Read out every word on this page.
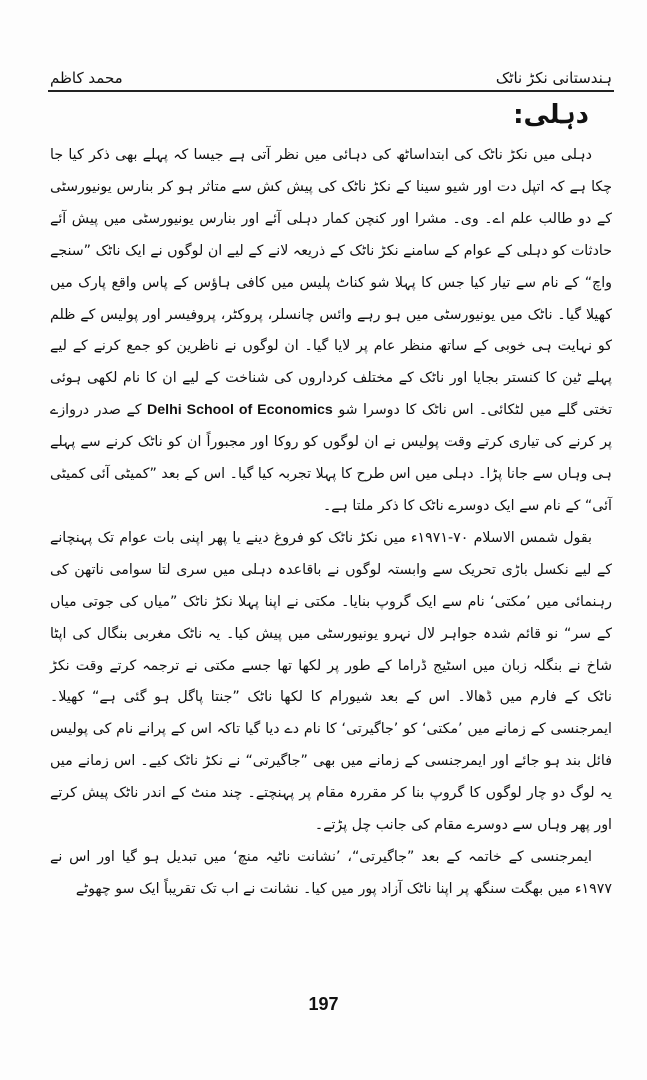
ہندستانی نکڑ ناٹک
محمد کاظم
دہلی:

دہلی میں نکڑ ناٹک کی ابتداساٹھ کی دہائی میں نظر آتی ہے جیسا کہ پہلے بھی ذکر کیا جا چکا ہے کہ اتپل دت اور شیو سینا کے نکڑ ناٹک کی پیش کش سے متاثر ہو کر بنارس یونیورسٹی کے دو طالب علم اے۔ وی۔ مشرا اور کنچن کمار دہلی آئے اور بنارس یونیورسٹی میں پیش آئے حادثات کو دہلی کے عوام کے سامنے نکڑ ناٹک کے ذریعہ لانے کے لیے ان لوگوں نے ایک ناٹک ”سنجے واچ“ کے نام سے تیار کیا جس کا پہلا شو کناٹ پلیس میں کافی ہاؤس کے پاس واقع پارک میں کھیلا گیا۔ ناٹک میں یونیورسٹی میں ہو رہے وائس چانسلر، پروکٹر، پروفیسر اور پولیس کے ظلم کو نہایت ہی خوبی کے ساتھ منظر عام پر لایا گیا۔ ان لوگوں نے ناظرین کو جمع کرنے کے لیے پہلے ٹین کا کنستر بجایا اور ناٹک کے مختلف کرداروں کی شناخت کے لیے ان کا نام لکھی ہوئی تختی گلے میں لٹکائی۔ اس ناٹک کا دوسرا شو Delhi School of Economics کے صدر دروازے پر کرنے کی تیاری کرتے وقت پولیس نے ان لوگوں کو روکا اور مجبوراً ان کو ناٹک کرنے سے پہلے ہی وہاں سے جانا پڑا۔ دہلی میں اس طرح کا پہلا تجربہ کیا گیا۔ اس کے بعد ”کمیٹی آئی کمیٹی آئی“ کے نام سے ایک دوسرے ناٹک کا ذکر ملتا ہے۔

بقول شمس الاسلام ۷۰-۱۹۷۱ء میں نکڑ ناٹک کو فروغ دینے یا پھر اپنی بات عوام تک پہنچانے کے لیے نکسل باڑی تحریک سے وابستہ لوگوں نے باقاعدہ دہلی میں سری لتا سوامی ناتھن کی رہنمائی میں ’مکتی‘ نام سے ایک گروپ بنایا۔ مکتی نے اپنا پہلا نکڑ ناٹک ”میاں کی جوتی میاں کے سر“ نو قائم شدہ جواہر لال نہرو یونیورسٹی میں پیش کیا۔ یہ ناٹک مغربی بنگال کی اپٹا شاخ نے بنگلہ زبان میں اسٹیج ڈراما کے طور پر لکھا تھا جسے مکتی نے ترجمہ کرتے وقت نکڑ ناٹک کے فارم میں ڈھالا۔ اس کے بعد شیورام کا لکھا ناٹک ”جنتا پاگل ہو گئی ہے“ کھیلا۔ ایمرجنسی کے زمانے میں ’مکتی‘ کو ’جاگیرتی‘ کا نام دے دیا گیا تاکہ اس کے پرانے نام کی پولیس فائل بند ہو جائے اور ایمرجنسی کے زمانے میں بھی ”جاگیرتی“ نے نکڑ ناٹک کیے۔ اس زمانے میں یہ لوگ دو چار لوگوں کا گروپ بنا کر مقررہ مقام پر پہنچتے۔ چند منٹ کے اندر ناٹک پیش کرتے اور پھر وہاں سے دوسرے مقام کی جانب چل پڑتے۔

ایمرجنسی کے خاتمہ کے بعد ”جاگیرتی“، ’نشانت ناٹیہ منچ‘ میں تبدیل ہو گیا اور اس نے ۱۹۷۷ء میں بھگت سنگھ پر اپنا ناٹک آزاد پور میں کیا۔ نشانت نے اب تک تقریباً ایک سو چھوٹے

197
